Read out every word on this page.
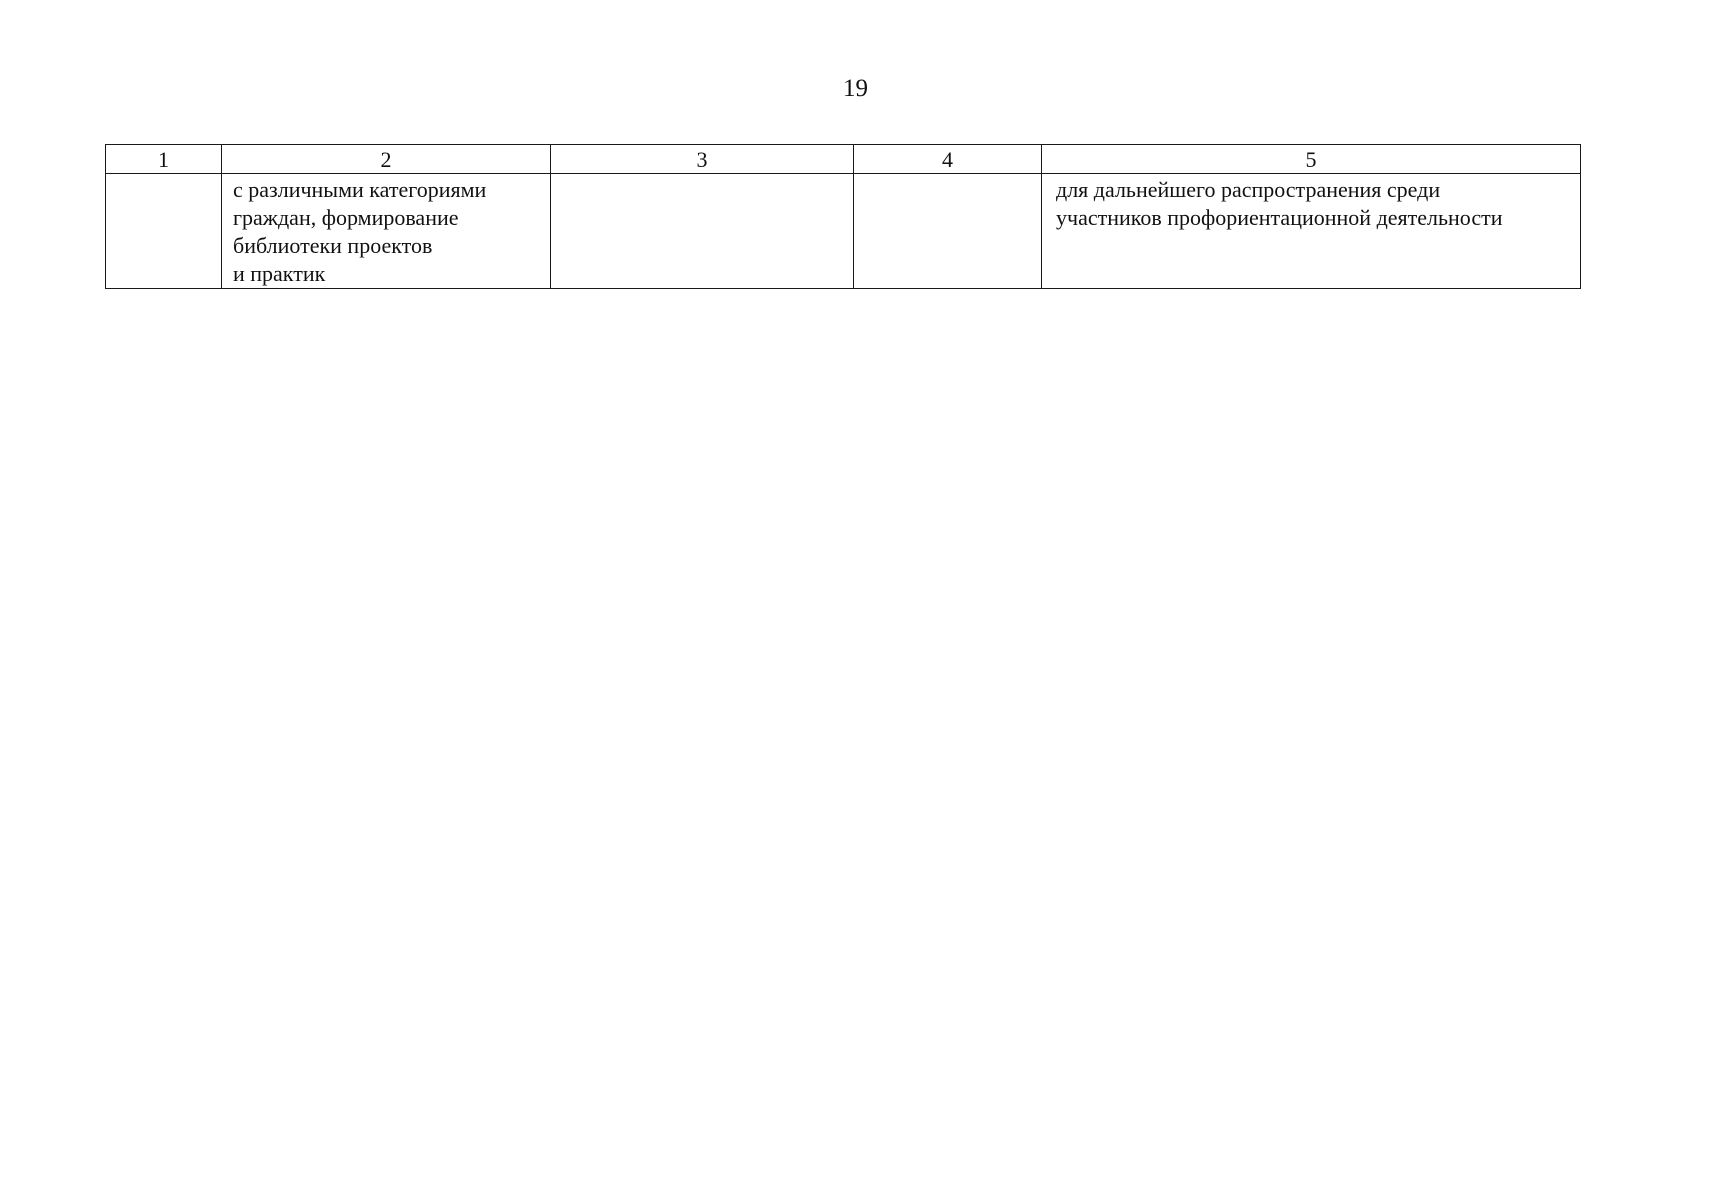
19
1	2	3	4	5

	с различными категориями
граждан, формирование
библиотеки проектов
и практик			для дальнейшего распространения среди
участников профориентационной деятельности
